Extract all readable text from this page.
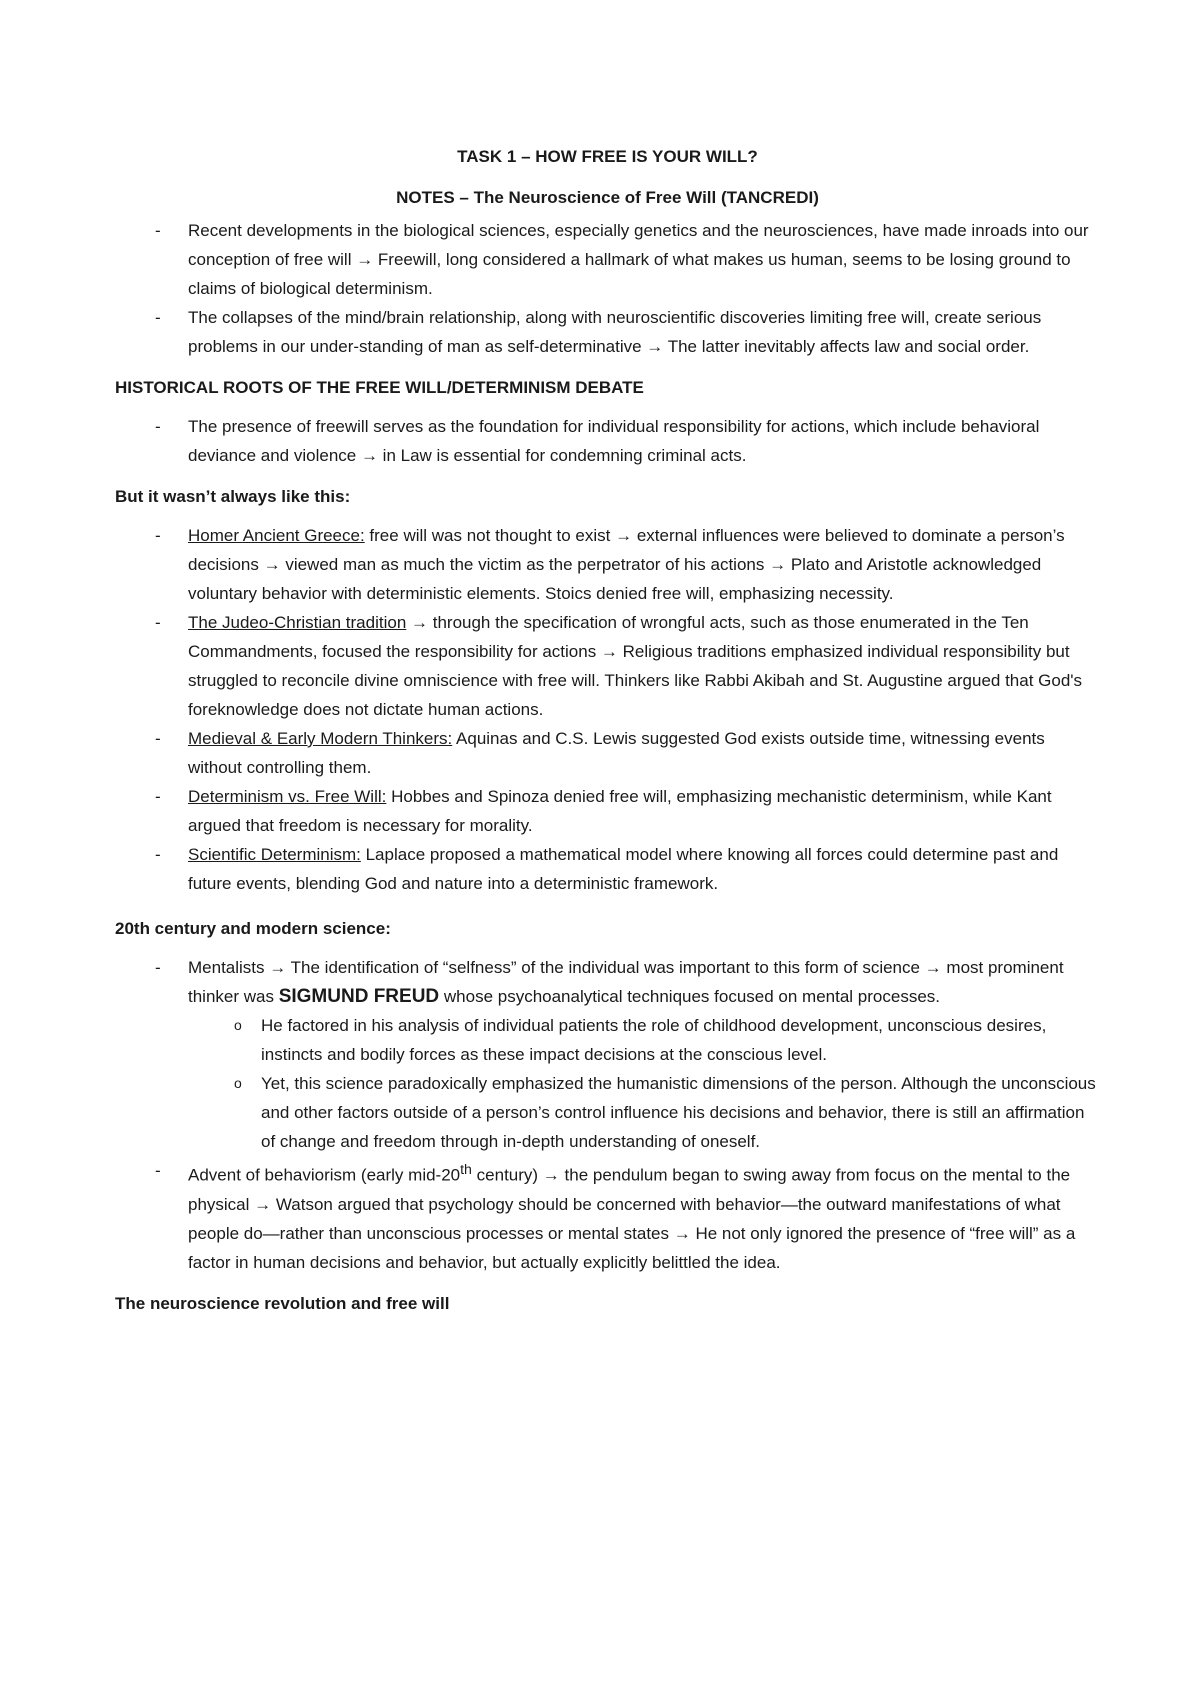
TASK 1 – HOW FREE IS YOUR WILL?

NOTES – The Neuroscience of Free Will (TANCREDI)

- Recent developments in the biological sciences, especially genetics and the neurosciences, have made inroads into our conception of free will → Freewill, long considered a hallmark of what makes us human, seems to be losing ground to claims of biological determinism.
- The collapses of the mind/brain relationship, along with neuroscientific discoveries limiting free will, create serious problems in our under-standing of man as self-determinative → The latter inevitably affects law and social order.
HISTORICAL ROOTS OF THE FREE WILL/DETERMINISM DEBATE
- The presence of freewill serves as the foundation for individual responsibility for actions, which include behavioral deviance and violence → in Law is essential for condemning criminal acts.
But it wasn’t always like this:
- Homer Ancient Greece: free will was not thought to exist → external influences were believed to dominate a person’s decisions → viewed man as much the victim as the perpetrator of his actions → Plato and Aristotle acknowledged voluntary behavior with deterministic elements. Stoics denied free will, emphasizing necessity.
- The Judeo-Christian tradition → through the specification of wrongful acts, such as those enumerated in the Ten Commandments, focused the responsibility for actions → Religious traditions emphasized individual responsibility but struggled to reconcile divine omniscience with free will. Thinkers like Rabbi Akibah and St. Augustine argued that God's foreknowledge does not dictate human actions.
- Medieval & Early Modern Thinkers: Aquinas and C.S. Lewis suggested God exists outside time, witnessing events without controlling them.
- Determinism vs. Free Will: Hobbes and Spinoza denied free will, emphasizing mechanistic determinism, while Kant argued that freedom is necessary for morality.
- Scientific Determinism: Laplace proposed a mathematical model where knowing all forces could determine past and future events, blending God and nature into a deterministic framework.
20th century and modern science:
- Mentalists → The identification of “selfness” of the individual was important to this form of science → most prominent thinker was SIGMUND FREUD whose psychoanalytical techniques focused on mental processes.
o He factored in his analysis of individual patients the role of childhood development, unconscious desires, instincts and bodily forces as these impact decisions at the conscious level.
o Yet, this science paradoxically emphasized the humanistic dimensions of the person. Although the unconscious and other factors outside of a person’s control influence his decisions and behavior, there is still an affirmation of change and freedom through in-depth understanding of oneself.
- Advent of behaviorism (early mid-20th century) → the pendulum began to swing away from focus on the mental to the physical → Watson argued that psychology should be concerned with behavior—the outward manifestations of what people do—rather than unconscious processes or mental states → He not only ignored the presence of “free will” as a factor in human decisions and behavior, but actually explicitly belittled the idea.
The neuroscience revolution and free will
